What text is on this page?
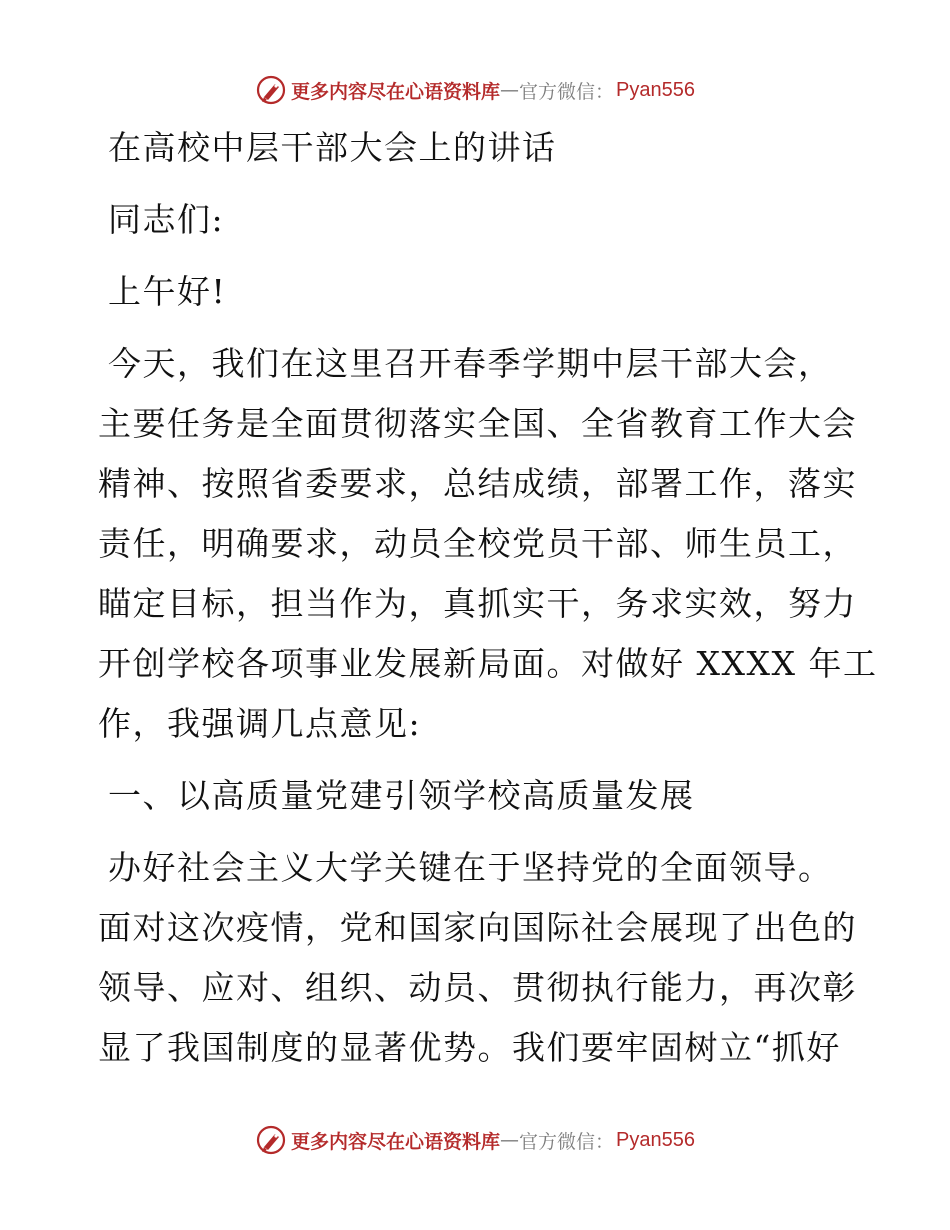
更多内容尽在心语资料库 — 官方微信： Pyan556
在高校中层干部大会上的讲话
同志们:
上午好!
今天，我们在这里召开春季学期中层干部大会，
主要任务是全面贯彻落实全国、全省教育工作大会
精神、按照省委要求，总结成绩，部署工作，落实
责任，明确要求，动员全校党员干部、师生员工，
瞄定目标，担当作为，真抓实干，务求实效，努力
开创学校各项事业发展新局面。对做好 XXXX 年工
作，我强调几点意见:
一、以高质量党建引领学校高质量发展
办好社会主义大学关键在于坚持党的全面领导。
面对这次疫情，党和国家向国际社会展现了出色的
领导、应对、组织、动员、贯彻执行能力，再次彰
显了我国制度的显著优势。我们要牢固树立“抓好
更多内容尽在心语资料库 — 官方微信： Pyan556
